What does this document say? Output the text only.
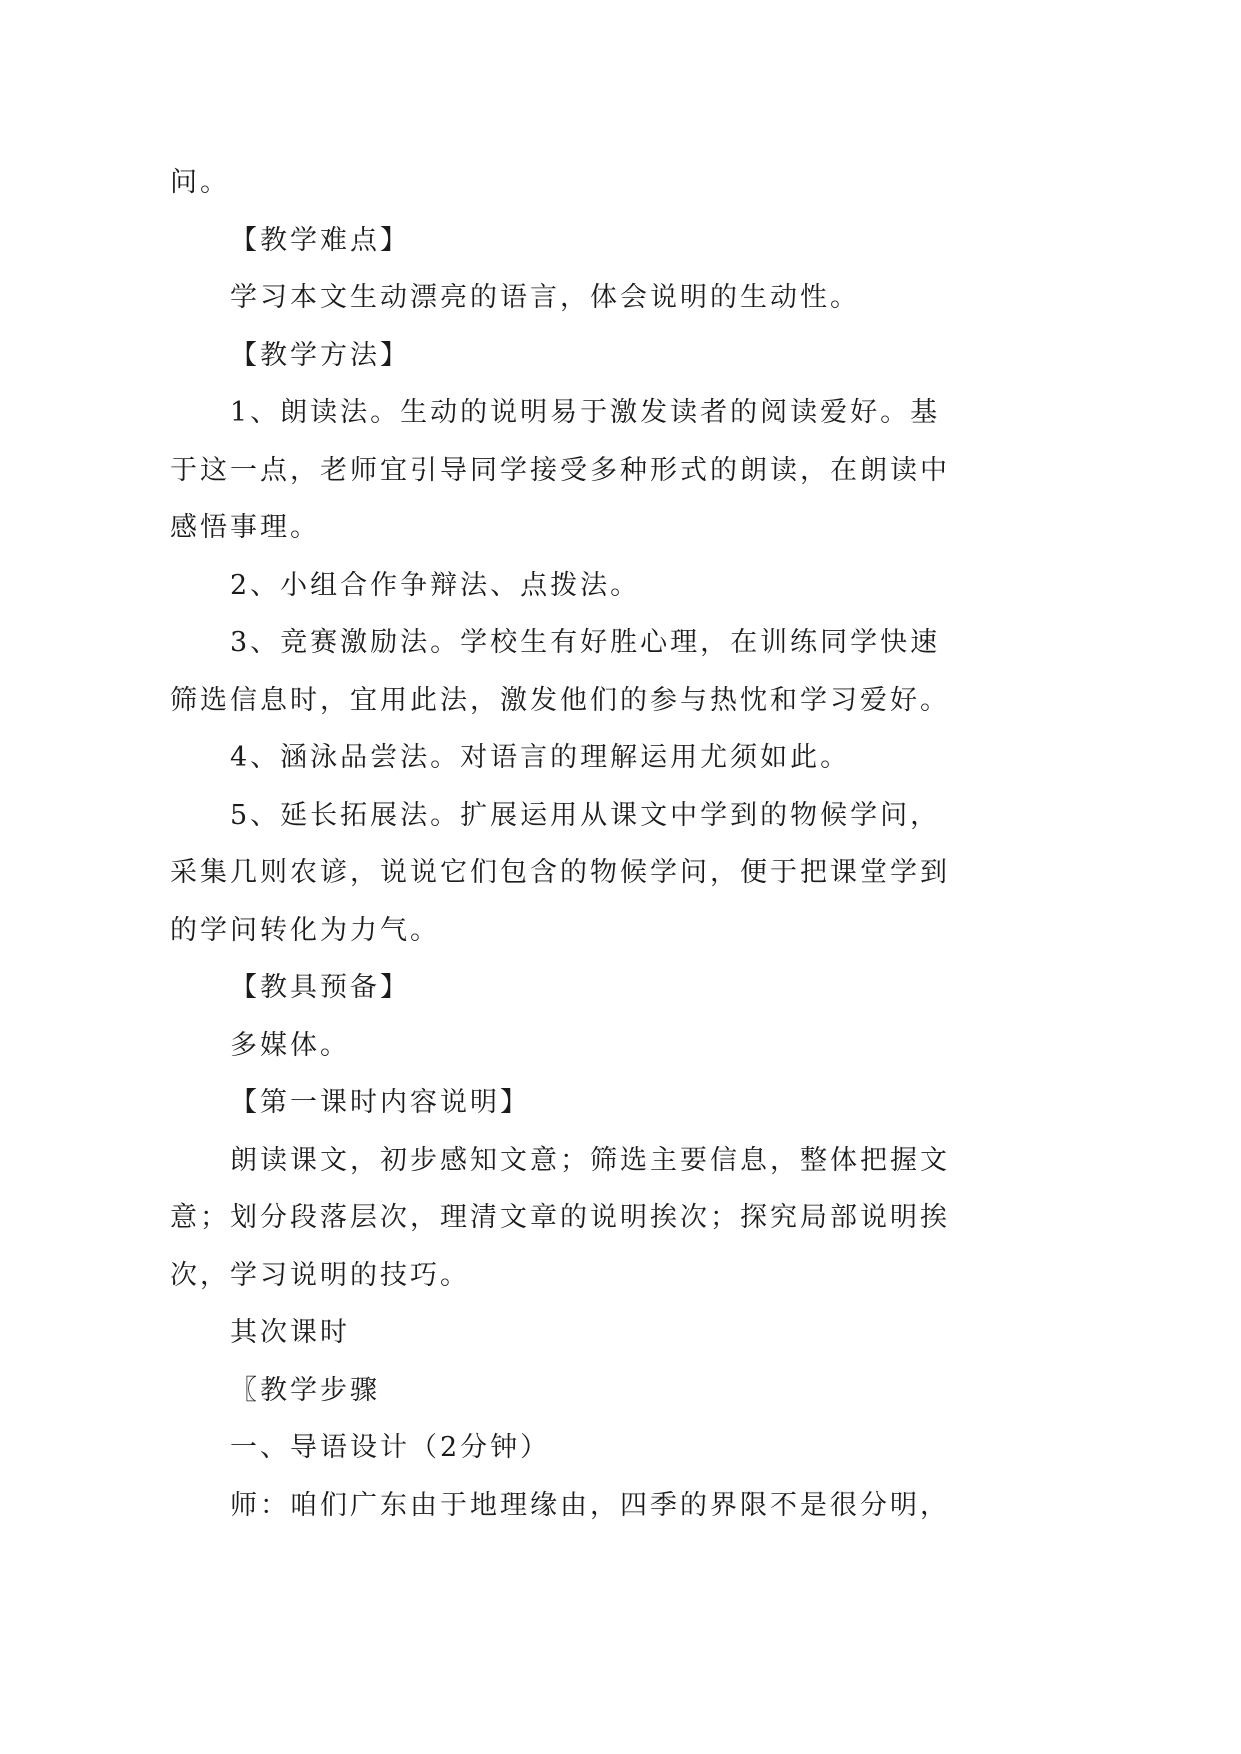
问。
【教学难点】
学习本文生动漂亮的语言，体会说明的生动性。
【教学方法】
1、朗读法。生动的说明易于激发读者的阅读爱好。基
于这一点，老师宜引导同学接受多种形式的朗读，在朗读中
感悟事理。
2、小组合作争辩法、点拨法。
3、竞赛激励法。学校生有好胜心理，在训练同学快速
筛选信息时，宜用此法，激发他们的参与热忱和学习爱好。
4、涵泳品尝法。对语言的理解运用尤须如此。
5、延长拓展法。扩展运用从课文中学到的物候学问，
采集几则农谚，说说它们包含的物候学问，便于把课堂学到
的学问转化为力气。
【教具预备】
多媒体。
【第一课时内容说明】
朗读课文，初步感知文意；筛选主要信息，整体把握文
意；划分段落层次，理清文章的说明挨次；探究局部说明挨
次，学习说明的技巧。
其次课时
〖教学步骤
一、导语设计（2分钟）
师：咱们广东由于地理缘由，四季的界限不是很分明，
